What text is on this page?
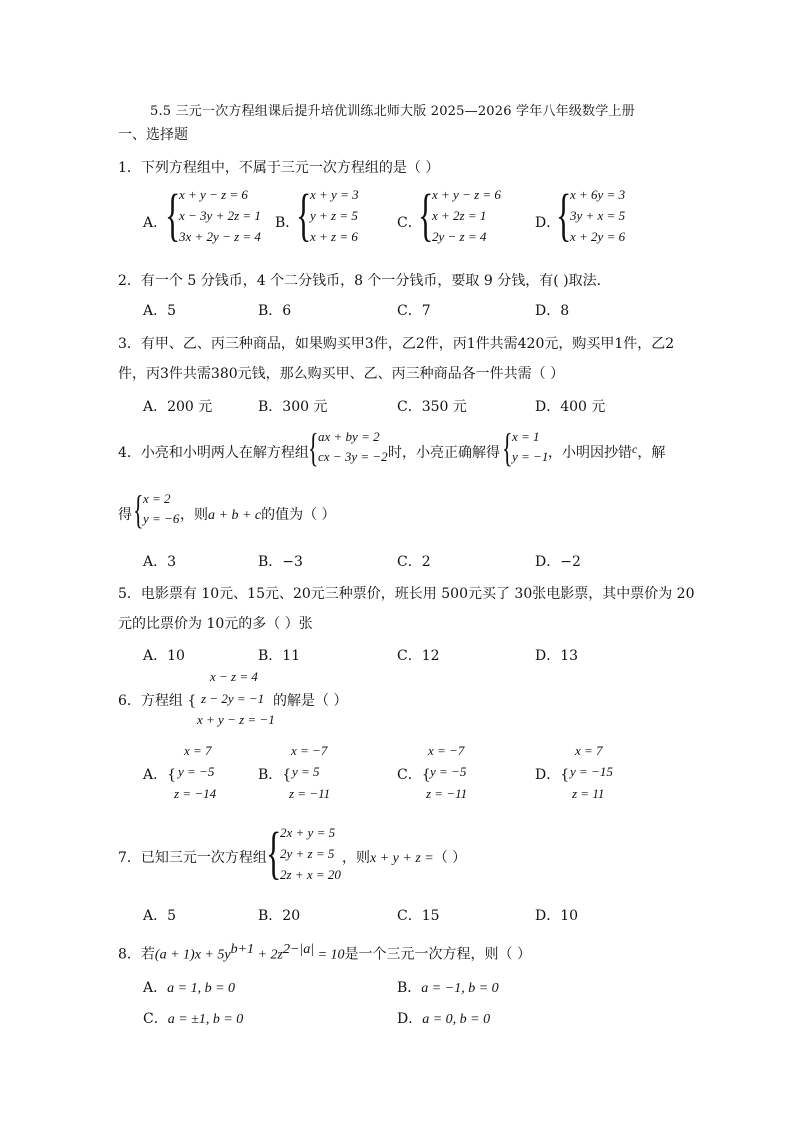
5.5 三元一次方程组课后提升培优训练北师大版 2025—2026 学年八年级数学上册
一、选择题
1．下列方程组中，不属于三元一次方程组的是（ ）
A．
{
x + y − z = 6
x − 3y + 2z = 1
3x + 2y − z = 4
B．
{
x + y = 3
y + z = 5
x + z = 6
C．
{
x + y − z = 6
x + 2z = 1
2y − z = 4
D．
{
x + 6y = 3
3y + x = 5
x + 2y = 6
2．有一个 5 分钱币，4 个二分钱币，8 个一分钱币，要取 9 分钱，有( )取法．
A．5	B．6	C．7	D．8
3．有甲、乙、丙三种商品，如果购买甲3件，乙2件，丙1件共需420元，购买甲1件，乙2
件，丙3件共需380元钱，那么购买甲、乙、丙三种商品各一件共需（ ）
A．200 元	B．300 元	C．350 元	D．400 元
4．小亮和小明两人在解方程组 { ax + by = 2
cx − 3y = −2 时，小亮正确解得 { x = 1
y = −1 ，小明因抄错c，解
得 { x = 2
y = −6 ，则a + b + c的值为（ ）
A．3	B．−3	C．2	D．−2
5．电影票有 10元、15元、20元三种票价，班长用 500元买了 30张电影票，其中票价为 20
元的比票价为 10元的多（ ）张
A．10	B．11	C．12	D．13
x − z = 4
6．方程组 { z − 2y = −1 的解是（ ）
x + y − z = −1
x = 7
A．{ y = −5
z = −14
x = −7
B．{ y = 5
z = −11
x = −7
C．{ y = −5
z = −11
x = 7
D．{ y = −15
z = 11
7．已知三元一次方程组 {
2x + y = 5
2y + z = 5
2z + x = 20
，则x + y + z =（ ）
A．5	B．20	C．15	D．10
8．若$(a + 1)x + 5y^{b+1} + 2z^{2-|a|} = 10$是一个三元一次方程，则（ ）
A．a = 1, b = 0	B．a = −1, b = 0
C．a = ±1, b = 0	D．a = 0, b = 0
